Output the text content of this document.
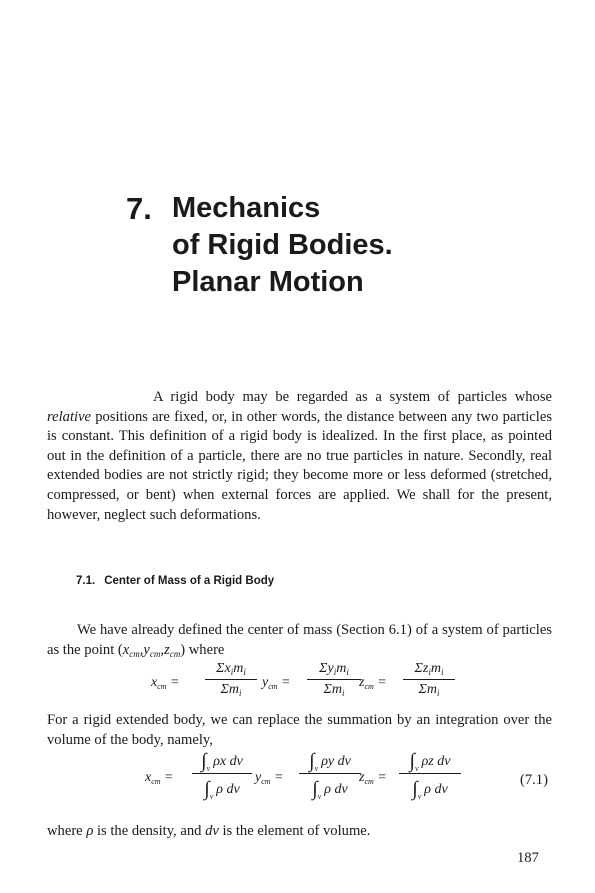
7. Mechanics
of Rigid Bodies.
Planar Motion

A rigid body may be regarded as a system of particles whose relative positions are fixed, or, in other words, the distance between any two particles is constant. This definition of a rigid body is idealized. In the first place, as pointed out in the definition of a particle, there are no true particles in nature. Secondly, real extended bodies are not strictly rigid; they become more or less deformed (stretched, compressed, or bent) when external forces are applied. We shall for the present, however, neglect such deformations.

7.1. Center of Mass of a Rigid Body

We have already defined the center of mass (Section 6.1) of a system of particles as the point $(x_{cm},y_{cm},z_{cm})$ where

$x_{cm}$ =
$\Sigma x_im_i$
$\Sigma m_i$
$y_{cm}$ =
$\Sigma y_im_i$
$\Sigma m_i$
$z_{cm}$ =
$\Sigma z_im_i$
$\Sigma m_i$

For a rigid extended body, we can replace the summation by an integration over the volume of the body, namely,

$x_{cm}$ =
$\int_v$ ρx dv
$\int_v$ ρ dv
$y_{cm}$ =
$\int_v$ ρy dv
$\int_v$ ρ dv
$z_{cm}$ =
$\int_v$ ρz dv
$\int_v$ ρ dv
(7.1)

where ρ is the density, and dv is the element of volume.

187
